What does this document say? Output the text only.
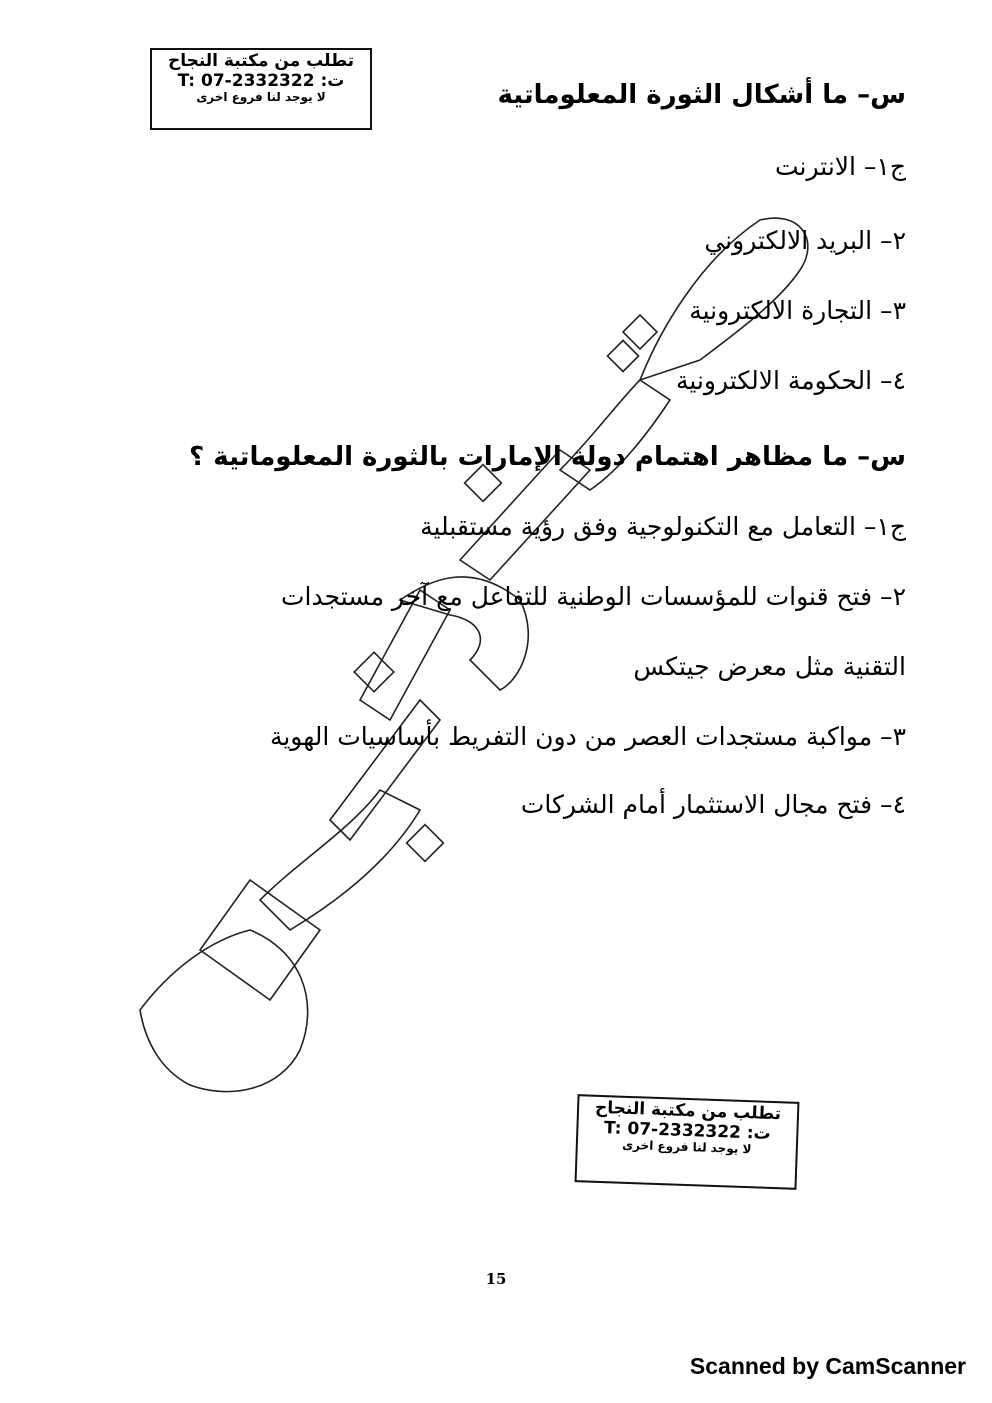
تطلب من مكتبة النجاح
ت: T: 07-2332322
لا يوجد لنا فروع اخرى	س– ما أشكال الثورة المعلوماتية
ج١– الانترنت
٢– البريد الالكتروني
٣– التجارة الالكترونية
٤– الحكومة الالكترونية
س– ما مظاهر اهتمام دولة الإمارات بالثورة المعلوماتية ؟
ج١– التعامل مع التكنولوجية وفق رؤية مستقبلية
٢– فتح قنوات للمؤسسات الوطنية للتفاعل مع آخر مستجدات
التقنية مثل معرض جيتكس
٣– مواكبة مستجدات العصر من دون التفريط بأساسيات الهوية
٤– فتح مجال الاستثمار أمام الشركات
تطلب من مكتبة النجاح
ت: T: 07-2332322
لا يوجد لنا فروع اخرى
15
Scanned by CamScanner
